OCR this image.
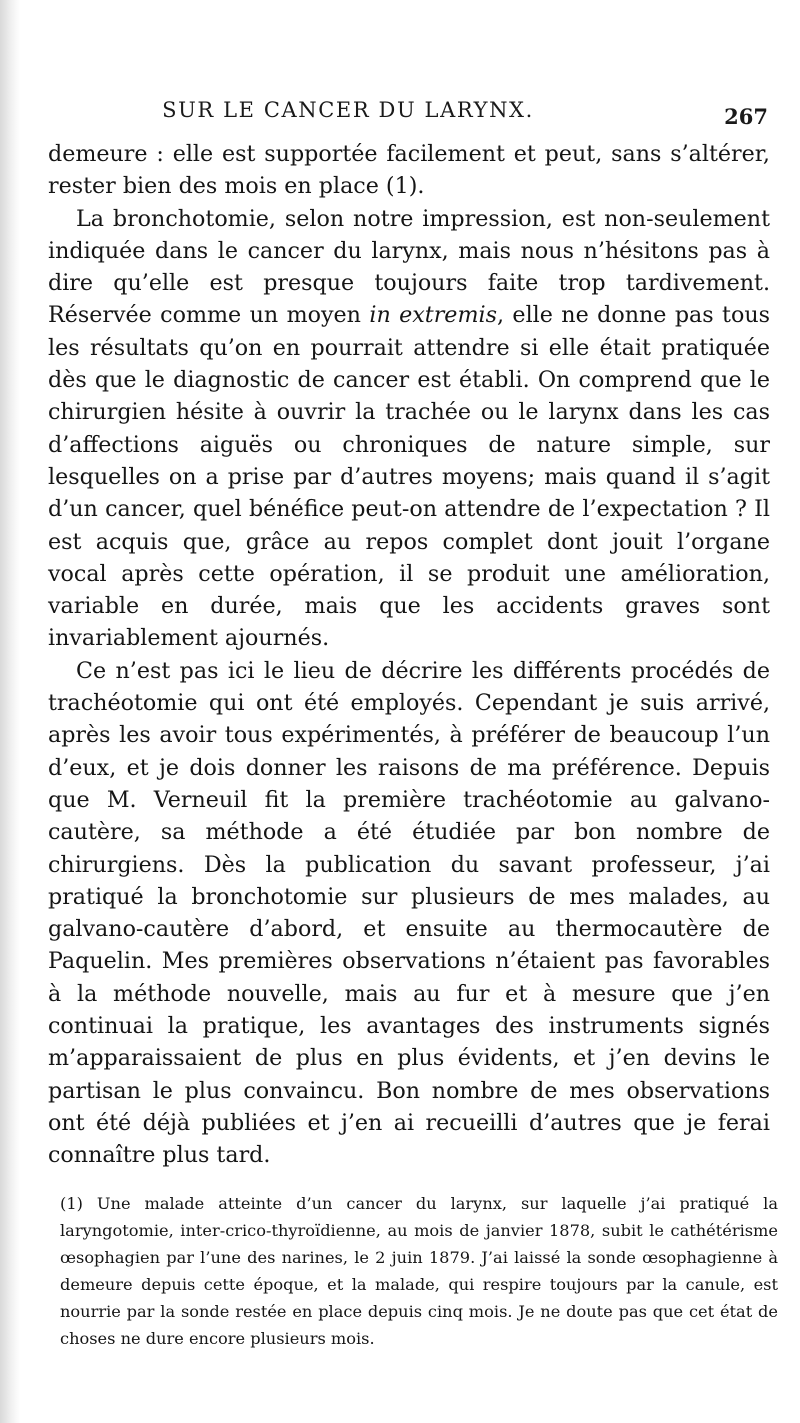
SUR LE CANCER DU LARYNX.	267

demeure : elle est supportée facilement et peut, sans s’altérer, rester bien des mois en place (1).

La bronchotomie, selon notre impression, est non-seulement indiquée dans le cancer du larynx, mais nous n’hésitons pas à dire qu’elle est presque toujours faite trop tardivement. Réservée comme un moyen in extremis, elle ne donne pas tous les résultats qu’on en pourrait attendre si elle était pratiquée dès que le diagnostic de cancer est établi. On comprend que le chirurgien hésite à ouvrir la trachée ou le larynx dans les cas d’affections aiguës ou chroniques de nature simple, sur lesquelles on a prise par d’autres moyens; mais quand il s’agit d’un cancer, quel bénéfice peut-on attendre de l’expectation ? Il est acquis que, grâce au repos complet dont jouit l’organe vocal après cette opération, il se produit une amélioration, variable en durée, mais que les accidents graves sont invariablement ajournés.

Ce n’est pas ici le lieu de décrire les différents procédés de trachéotomie qui ont été employés. Cependant je suis arrivé, après les avoir tous expérimentés, à préférer de beaucoup l’un d’eux, et je dois donner les raisons de ma préférence. Depuis que M. Verneuil fit la première trachéotomie au galvano-cautère, sa méthode a été étudiée par bon nombre de chirurgiens. Dès la publication du savant professeur, j’ai pratiqué la bronchotomie sur plusieurs de mes malades, au galvano-cautère d’abord, et ensuite au thermocautère de Paquelin. Mes premières observations n’étaient pas favorables à la méthode nouvelle, mais au fur et à mesure que j’en continuai la pratique, les avantages des instruments signés m’apparaissaient de plus en plus évidents, et j’en devins le partisan le plus convaincu. Bon nombre de mes observations ont été déjà publiées et j’en ai recueilli d’autres que je ferai connaître plus tard.

(1) Une malade atteinte d’un cancer du larynx, sur laquelle j’ai pratiqué la laryngotomie, inter-crico-thyroïdienne, au mois de janvier 1878, subit le cathétérisme œsophagien par l’une des narines, le 2 juin 1879. J’ai laissé la sonde œsophagienne à demeure depuis cette époque, et la malade, qui respire toujours par la canule, est nourrie par la sonde restée en place depuis cinq mois. Je ne doute pas que cet état de choses ne dure encore plusieurs mois.
